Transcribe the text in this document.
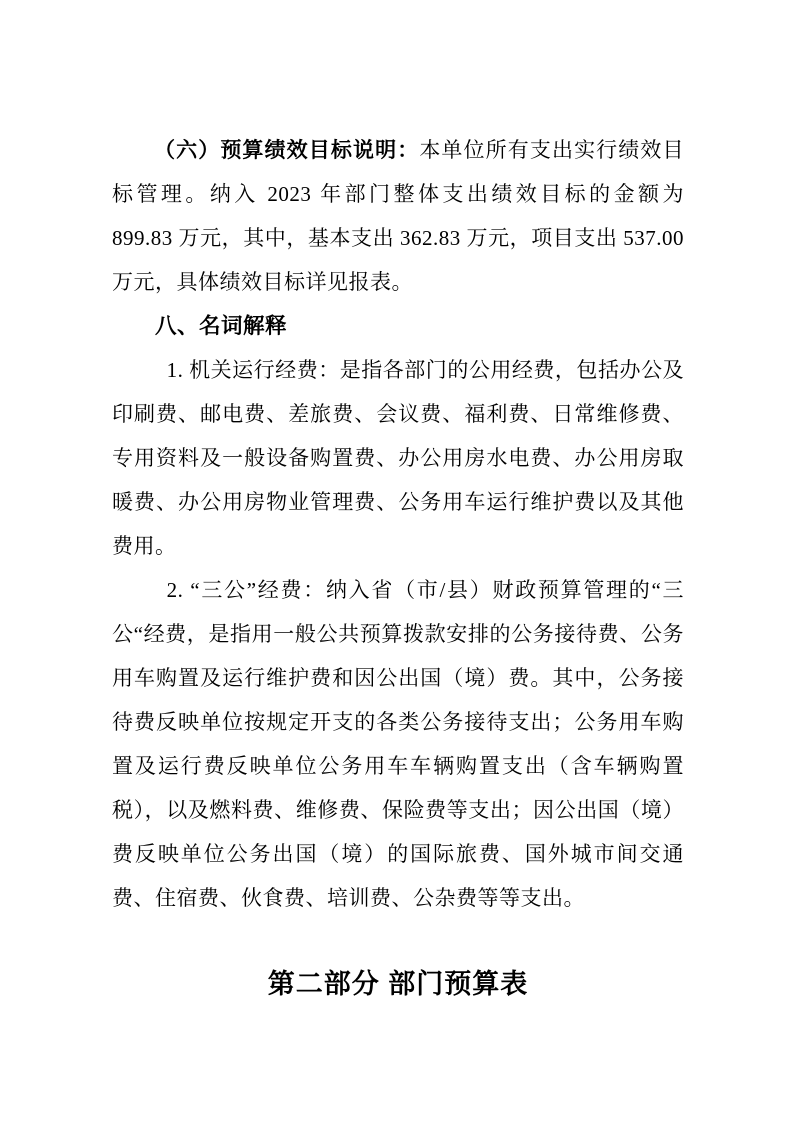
（六）预算绩效目标说明：本单位所有支出实行绩效目标管理。纳入 2023 年部门整体支出绩效目标的金额为 899.83 万元，其中，基本支出 362.83 万元，项目支出 537.00 万元，具体绩效目标详见报表。

八、名词解释

1. 机关运行经费：是指各部门的公用经费，包括办公及印刷费、邮电费、差旅费、会议费、福利费、日常维修费、专用资料及一般设备购置费、办公用房水电费、办公用房取暖费、办公用房物业管理费、公务用车运行维护费以及其他费用。

2. “三公”经费：纳入省（市/县）财政预算管理的“三公“经费，是指用一般公共预算拨款安排的公务接待费、公务用车购置及运行维护费和因公出国（境）费。其中，公务接待费反映单位按规定开支的各类公务接待支出；公务用车购置及运行费反映单位公务用车车辆购置支出（含车辆购置税），以及燃料费、维修费、保险费等支出；因公出国（境）费反映单位公务出国（境）的国际旅费、国外城市间交通费、住宿费、伙食费、培训费、公杂费等等支出。

第二部分 部门预算表
